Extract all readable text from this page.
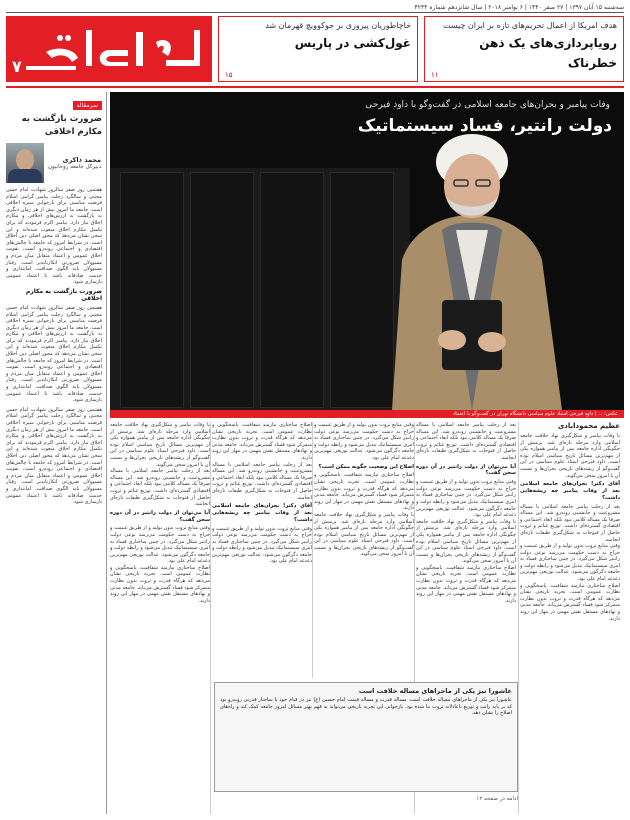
سه‌شنبه ۱۵ آبان ۱۳۹۷ | ۲۷ صفر ۱۴۴۰ | ۶ نوامبر ۲۰۱۸ | سال شانزدهم شماره ۴۲۳۴
۷
خاچاطوریان پیروزی بر جوکوویچ قهرمان شد
غول‌کشی در پاریس
۱۵
هدف امریکا از اعمال تحریم‌های تازه بر ایران چیست
رویاپردازی‌های یک ذهن خطرناک
۱۱
سرمقاله
ضرورت بازگشت به مکارم اخلاقی
محمد ذاکری
دبیرکل جامعه روحانیون
هفتمین روز صفر سالروز شهادت امام حسن مجتبی و سالگرد رحلت پیامبر گرامی اسلام فرصت مناسبی برای بازخوانی سیره اخلاقی است. جامعه ما امروز بیش از هر زمان دیگری به بازگشت به ارزش‌های اخلاقی و مکارم اخلاق نیاز دارد. پیامبر اکرم فرمودند که برای تکمیل مکارم اخلاق مبعوث شده‌اند و این سخن نشان می‌دهد که محور اصلی دین اخلاق است. در شرایط امروز که جامعه با چالش‌های اقتصادی و اجتماعی روبه‌رو است، تقویت اخلاق عمومی و اعتماد متقابل میان مردم و مسوولان ضرورتی انکارناپذیر است. رفتار مسوولان باید الگوی صداقت، امانتداری و خدمت صادقانه باشد تا اعتماد عمومی بازسازی شود.
ضرورت بازگشت به مکارم اخلاقی
هفتمین روز صفر سالروز شهادت امام حسن مجتبی و سالگرد رحلت پیامبر گرامی اسلام فرصت مناسبی برای بازخوانی سیره اخلاقی است. جامعه ما امروز بیش از هر زمان دیگری به بازگشت به ارزش‌های اخلاقی و مکارم اخلاق نیاز دارد. پیامبر اکرم فرمودند که برای تکمیل مکارم اخلاق مبعوث شده‌اند و این سخن نشان می‌دهد که محور اصلی دین اخلاق است. در شرایط امروز که جامعه با چالش‌های اقتصادی و اجتماعی روبه‌رو است، تقویت اخلاق عمومی و اعتماد متقابل میان مردم و مسوولان ضرورتی انکارناپذیر است. رفتار مسوولان باید الگوی صداقت، امانتداری و خدمت صادقانه باشد تا اعتماد عمومی بازسازی شود.
هفتمین روز صفر سالروز شهادت امام حسن مجتبی و سالگرد رحلت پیامبر گرامی اسلام فرصت مناسبی برای بازخوانی سیره اخلاقی است. جامعه ما امروز بیش از هر زمان دیگری به بازگشت به ارزش‌های اخلاقی و مکارم اخلاق نیاز دارد. پیامبر اکرم فرمودند که برای تکمیل مکارم اخلاق مبعوث شده‌اند و این سخن نشان می‌دهد که محور اصلی دین اخلاق است. در شرایط امروز که جامعه با چالش‌های اقتصادی و اجتماعی روبه‌رو است، تقویت اخلاق عمومی و اعتماد متقابل میان مردم و مسوولان ضرورتی انکارناپذیر است. رفتار مسوولان باید الگوی صداقت، امانتداری و خدمت صادقانه باشد تا اعتماد عمومی بازسازی شود.
وفات پیامبر و بحران‌های جامعه اسلامی در گفت‌وگو با داود فیرحی
دولت رانتیر، فساد سیستماتیک
عکس: ... | داود فیرحی استاد علوم سیاسی دانشگاه تهران در گفت‌وگو با اعتماد
عظیم محمود‌آبادی

با وفات پیامبر و شکل‌گیری نهاد خلافت جامعه اسلامی وارد مرحله تازه‌ای شد. پرسش از چگونگی اداره جامعه پس از پیامبر همواره یکی از مهم‌ترین مسائل تاریخ سیاسی اسلام بوده است. داود فیرحی استاد علوم سیاسی در این گفت‌وگو از ریشه‌های تاریخی بحران‌ها و نسبت آن با امروز سخن می‌گوید.

آقای دکتر! بحران‌های جامعه اسلامی بعد از وفات پیامبر چه ریشه‌هایی داشت؟

بعد از رحلت پیامبر جامعه اسلامی با مساله مشروعیت و جانشینی روبه‌رو شد. این مساله صرفا یک مساله کلامی نبود بلکه ابعاد اجتماعی و اقتصادی گسترده‌ای داشت. توزیع غنائم و ثروت حاصل از فتوحات به شکل‌گیری طبقات تازه‌ای انجامید.

وقتی منابع ثروت بدون تولید و از طریق غنیمت و خراج به دست حکومت می‌رسد نوعی دولت رانتیر شکل می‌گیرد. در چنین ساختاری فساد به امری سیستماتیک تبدیل می‌شود و رابطه دولت و جامعه دگرگون می‌شود. عدالت توزیعی مهم‌ترین دغدغه امام علی بود.

اصلاح ساختاری نیازمند شفافیت، پاسخگویی و نظارت عمومی است. تجربه تاریخی نشان می‌دهد که هرگاه قدرت و ثروت بدون نظارت متمرکز شود فساد گسترش می‌یابد. جامعه مدنی و نهادهای مستقل نقش مهمی در مهار این روند دارند.

بعد از رحلت پیامبر جامعه اسلامی با مساله مشروعیت و جانشینی روبه‌رو شد. این مساله صرفا یک مساله کلامی نبود بلکه ابعاد اجتماعی و اقتصادی گسترده‌ای داشت. توزیع غنائم و ثروت حاصل از فتوحات به شکل‌گیری طبقات تازه‌ای انجامید.

آیا می‌توان از دولت رانتیر در آن دوره سخن گفت؟

وقتی منابع ثروت بدون تولید و از طریق غنیمت و خراج به دست حکومت می‌رسد نوعی دولت رانتیر شکل می‌گیرد. در چنین ساختاری فساد به امری سیستماتیک تبدیل می‌شود و رابطه دولت و جامعه دگرگون می‌شود. عدالت توزیعی مهم‌ترین دغدغه امام علی بود.

با وفات پیامبر و شکل‌گیری نهاد خلافت جامعه اسلامی وارد مرحله تازه‌ای شد. پرسش از چگونگی اداره جامعه پس از پیامبر همواره یکی از مهم‌ترین مسائل تاریخ سیاسی اسلام بوده است. داود فیرحی استاد علوم سیاسی در این گفت‌وگو از ریشه‌های تاریخی بحران‌ها و نسبت آن با امروز سخن می‌گوید.

اصلاح ساختاری نیازمند شفافیت، پاسخگویی و نظارت عمومی است. تجربه تاریخی نشان می‌دهد که هرگاه قدرت و ثروت بدون نظارت متمرکز شود فساد گسترش می‌یابد. جامعه مدنی و نهادهای مستقل نقش مهمی در مهار این روند دارند.

وقتی منابع ثروت بدون تولید و از طریق غنیمت و خراج به دست حکومت می‌رسد نوعی دولت رانتیر شکل می‌گیرد. در چنین ساختاری فساد به امری سیستماتیک تبدیل می‌شود و رابطه دولت و جامعه دگرگون می‌شود. عدالت توزیعی مهم‌ترین دغدغه امام علی بود.

اصلاح این وضعیت چگونه ممکن است؟

اصلاح ساختاری نیازمند شفافیت، پاسخگویی و نظارت عمومی است. تجربه تاریخی نشان می‌دهد که هرگاه قدرت و ثروت بدون نظارت متمرکز شود فساد گسترش می‌یابد. جامعه مدنی و نهادهای مستقل نقش مهمی در مهار این روند دارند.

با وفات پیامبر و شکل‌گیری نهاد خلافت جامعه اسلامی وارد مرحله تازه‌ای شد. پرسش از چگونگی اداره جامعه پس از پیامبر همواره یکی از مهم‌ترین مسائل تاریخ سیاسی اسلام بوده است. داود فیرحی استاد علوم سیاسی در این گفت‌وگو از ریشه‌های تاریخی بحران‌ها و نسبت آن با امروز سخن می‌گوید.

اصلاح ساختاری نیازمند شفافیت، پاسخگویی و نظارت عمومی است. تجربه تاریخی نشان می‌دهد که هرگاه قدرت و ثروت بدون نظارت متمرکز شود فساد گسترش می‌یابد. جامعه مدنی و نهادهای مستقل نقش مهمی در مهار این روند دارند.

بعد از رحلت پیامبر جامعه اسلامی با مساله مشروعیت و جانشینی روبه‌رو شد. این مساله صرفا یک مساله کلامی نبود بلکه ابعاد اجتماعی و اقتصادی گسترده‌ای داشت. توزیع غنائم و ثروت حاصل از فتوحات به شکل‌گیری طبقات تازه‌ای انجامید.

آقای دکتر! بحران‌های جامعه اسلامی بعد از وفات پیامبر چه ریشه‌هایی داشت؟

وقتی منابع ثروت بدون تولید و از طریق غنیمت و خراج به دست حکومت می‌رسد نوعی دولت رانتیر شکل می‌گیرد. در چنین ساختاری فساد به امری سیستماتیک تبدیل می‌شود و رابطه دولت و جامعه دگرگون می‌شود. عدالت توزیعی مهم‌ترین دغدغه امام علی بود.

با وفات پیامبر و شکل‌گیری نهاد خلافت جامعه اسلامی وارد مرحله تازه‌ای شد. پرسش از چگونگی اداره جامعه پس از پیامبر همواره یکی از مهم‌ترین مسائل تاریخ سیاسی اسلام بوده است. داود فیرحی استاد علوم سیاسی در این گفت‌وگو از ریشه‌های تاریخی بحران‌ها و نسبت آن با امروز سخن می‌گوید.

بعد از رحلت پیامبر جامعه اسلامی با مساله مشروعیت و جانشینی روبه‌رو شد. این مساله صرفا یک مساله کلامی نبود بلکه ابعاد اجتماعی و اقتصادی گسترده‌ای داشت. توزیع غنائم و ثروت حاصل از فتوحات به شکل‌گیری طبقات تازه‌ای انجامید.

آیا می‌توان از دولت رانتیر در آن دوره سخن گفت؟

وقتی منابع ثروت بدون تولید و از طریق غنیمت و خراج به دست حکومت می‌رسد نوعی دولت رانتیر شکل می‌گیرد. در چنین ساختاری فساد به امری سیستماتیک تبدیل می‌شود و رابطه دولت و جامعه دگرگون می‌شود. عدالت توزیعی مهم‌ترین دغدغه امام علی بود.

اصلاح ساختاری نیازمند شفافیت، پاسخگویی و نظارت عمومی است. تجربه تاریخی نشان می‌دهد که هرگاه قدرت و ثروت بدون نظارت متمرکز شود فساد گسترش می‌یابد. جامعه مدنی و نهادهای مستقل نقش مهمی در مهار این روند دارند.

عاشورا نیز یکی از ماجراهای مساله خلافت است

عاشورا نیز یکی از ماجراهای مساله خلافت است. مساله قدرت و مساله قیمت امام حسین (ع) نیز در قیام خود با ساختار قدرتی روبه‌رو بود که بر پایه رانت و توزیع ناعادلانه ثروت بنا شده بود. بازخوانی این تجربه تاریخی می‌تواند به فهم بهتر مسائل امروز جامعه کمک کند و راه‌های اصلاح را نشان دهد.

ادامه در صفحه ۱۲
